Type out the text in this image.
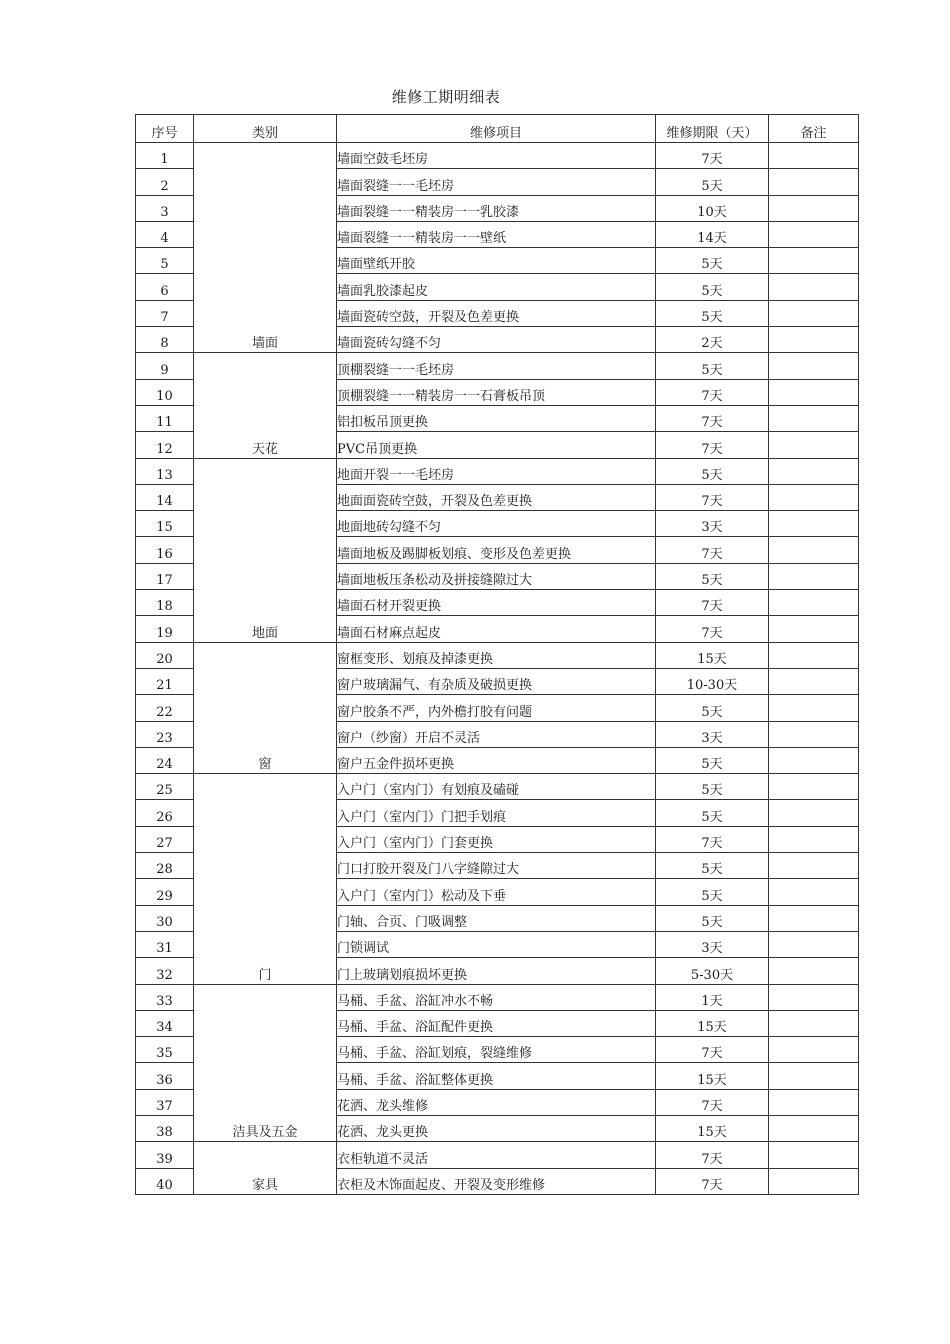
维修工期明细表
序号	类别	维修项目	维修期限（天）	备注
1	墙面	墙面空鼓毛坯房	7天	
2		墙面裂缝一一毛坯房	5天	
3		墙面裂缝一一精装房一一乳胶漆	10天	
4		墙面裂缝一一精装房一一壁纸	14天	
5		墙面壁纸开胶	5天	
6		墙面乳胶漆起皮	5天	
7		墙面瓷砖空鼓，开裂及色差更换	5天	
8		墙面瓷砖勾缝不匀	2天	
9	天花	顶棚裂缝一一毛坯房	5天	
10		顶棚裂缝一一精装房一一石膏板吊顶	7天	
11		铝扣板吊顶更换	7天	
12		PVC吊顶更换	7天	
13	地面	地面开裂一一毛坯房	5天	
14		地面面瓷砖空鼓，开裂及色差更换	7天	
15		地面地砖勾缝不匀	3天	
16		墙面地板及踢脚板划痕、变形及色差更换	7天	
17		墙面地板压条松动及拼接缝隙过大	5天	
18		墙面石材开裂更换	7天	
19		墙面石材麻点起皮	7天	
20	窗	窗框变形、划痕及掉漆更换	15天	
21		窗户玻璃漏气、有杂质及破损更换	10-30天	
22		窗户胶条不严，内外檐打胶有问题	5天	
23		窗户（纱窗）开启不灵活	3天	
24		窗户五金件损坏更换	5天	
25	门	入户门（室内门）有划痕及磕碰	5天	
26		入户门（室内门）门把手划痕	5天	
27		入户门（室内门）门套更换	7天	
28		门口打胶开裂及门八字缝隙过大	5天	
29		入户门（室内门）松动及下垂	5天	
30		门轴、合页、门吸调整	5天	
31		门锁调试	3天	
32		门上玻璃划痕损坏更换	5-30天	
33	洁具及五金	马桶、手盆、浴缸冲水不畅	1天	
34		马桶、手盆、浴缸配件更换	15天	
35		马桶、手盆、浴缸划痕，裂缝维修	7天	
36		马桶、手盆、浴缸整体更换	15天	
37		花洒、龙头维修	7天	
38		花洒、龙头更换	15天	
39	家具	衣柜轨道不灵活	7天	
40		衣柜及木饰面起皮、开裂及变形维修	7天	
